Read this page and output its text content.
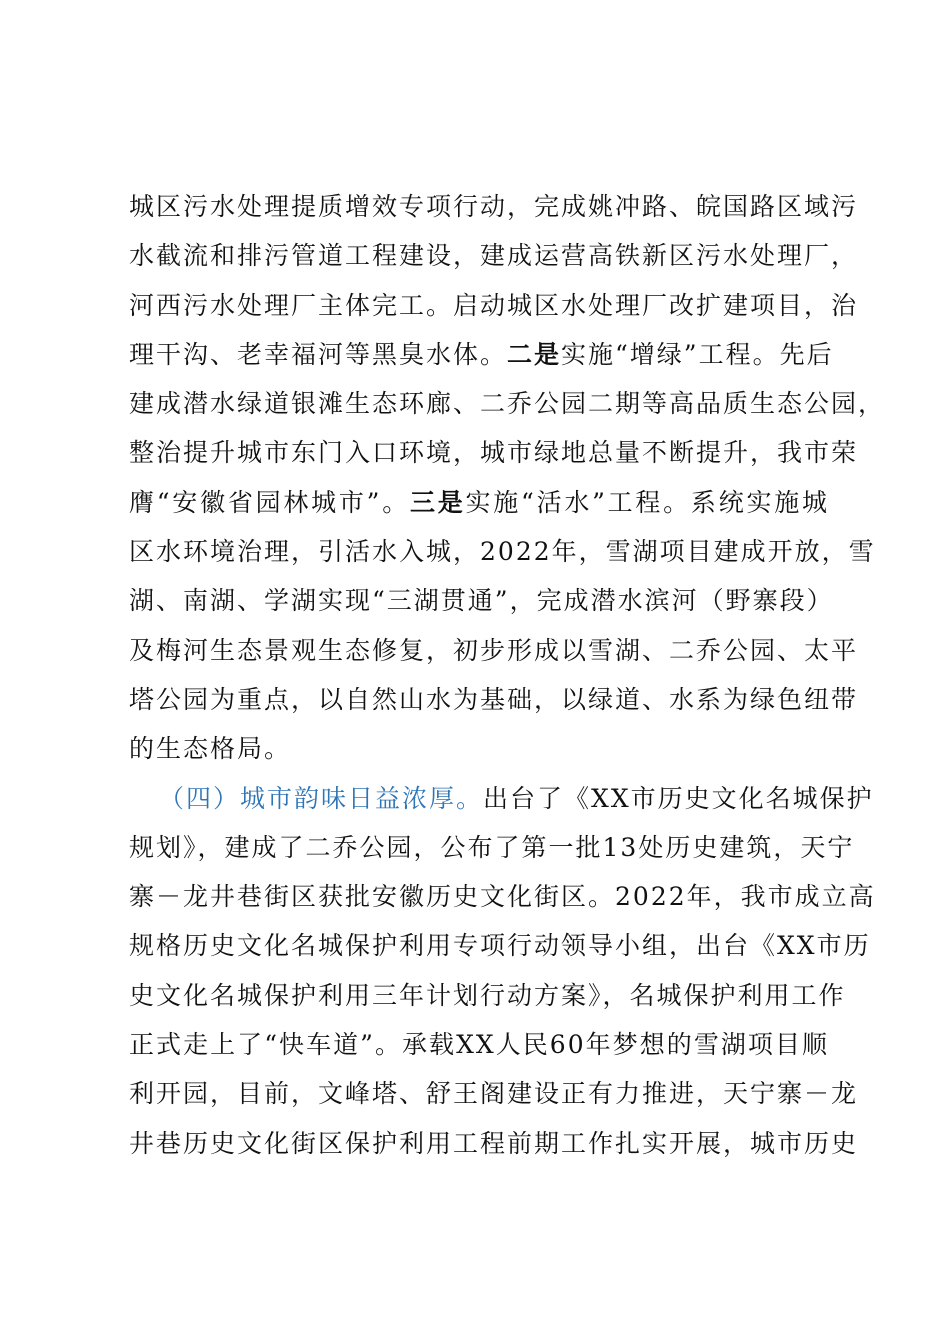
城区污水处理提质增效专项行动，完成姚冲路、皖国路区域污
水截流和排污管道工程建设，建成运营高铁新区污水处理厂，
河西污水处理厂主体完工。启动城区水处理厂改扩建项目，治
理干沟、老幸福河等黑臭水体。二是实施“增绿”工程。先后
建成潜水绿道银滩生态环廊、二乔公园二期等高品质生态公园，
整治提升城市东门入口环境，城市绿地总量不断提升，我市荣
膺“安徽省园林城市”。三是实施“活水”工程。系统实施城
区水环境治理，引活水入城，2022年，雪湖项目建成开放，雪
湖、南湖、学湖实现“三湖贯通”，完成潜水滨河（野寨段）
及梅河生态景观生态修复，初步形成以雪湖、二乔公园、太平
塔公园为重点，以自然山水为基础，以绿道、水系为绿色纽带
的生态格局。
（四）城市韵味日益浓厚。出台了《XX市历史文化名城保护
规划》，建成了二乔公园，公布了第一批13处历史建筑，天宁
寨－龙井巷街区获批安徽历史文化街区。2022年，我市成立高
规格历史文化名城保护利用专项行动领导小组，出台《XX市历
史文化名城保护利用三年计划行动方案》，名城保护利用工作
正式走上了“快车道”。承载XX人民60年梦想的雪湖项目顺
利开园，目前，文峰塔、舒王阁建设正有力推进，天宁寨－龙
井巷历史文化街区保护利用工程前期工作扎实开展，城市历史
